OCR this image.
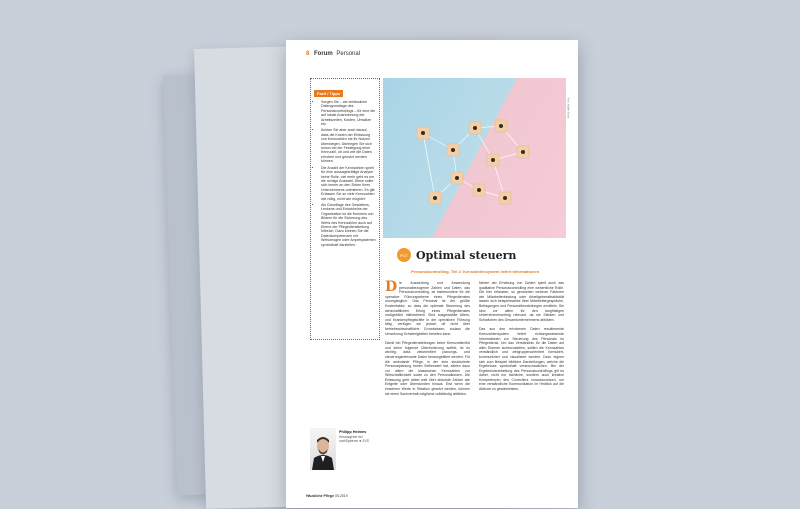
8 Forum Personal
Fazit / Tipps
• Sorgen Sie – als verlässliche Datengrundlage des Personalcontrollings – für eine die auf lokale Ausrechnung der Arbeitszeiten, Kosten, Umsätze etc.
• Achten Sie aber auch darauf, dass die Kosten der Erfassung von Kennzahlen nie ihr Nutzen überwiegen. Überlegen Sie sich schon bei der Festlegung einer Kennzahl, ob und wie die Daten erhoben und genutzt werden können.
• Die Anzahl der Kennzahlen spielt für eine aussagekräftige Analyse keine Rolle, viel mehr geht es um die richtige Auswahl. Diese sollte sich immer an den Zielen Ihres Unternehmens orientieren. Es gilt: Erfassen Sie so viele Kennzahlen wie nötig, nicht wie möglich!
• Als Grundlage des Gestaltens, Lenkens und Entwickelns der Organisation ist die Kenntnis von Bildern für die Sicherung des Werts des Kennzahlen auch auf Ebene der Pflegedienstleitung hilfreich. Dazu können Sie die Datenkompetenzen mit Werkzeugen oder Ampelsystemen symbolhaft darstellen.
Foto: Adobe Stock
PCT Optimal steuern
Personalcontrolling, Teil 2: Kennzahlensystem liefert Informationen

Die Auswertung und Anwendung personalbezogener Zahlen und Daten, das Personalcontrolling, ist insbesondere für die operative Führungsebene eines Pflegedienstes unumgänglich. Das Personal ist der größte Kostenfaktor, so dass die optimale Steuerung des wirtschaftlichen Erfolg eines Pflegedienstes maßgeblich mitbestimmt. Sind ausgewählte Alters- und Krankenpflegekräfte in der operativen Führung tätig, verfügen sie jedoch oft nicht über betriebswirtschaftliche Grundwissen, sodass die Umsetzung Schwierigkeiten bereiten kann.

Damit bei Pflegedienstleitungen keine Kennzahlenflut und keine folgende Überforderung auftritt, ist es wichtig, dass zielorientiert planungs- und steuerungsrelevante Daten herausgefiltert werden. Für die ambulante Pflege, in der eine strukturierte Personalplanung hohen Stellenwert hat, zählen dazu vor allem die klassischen Kennzahlen zur Wirtschaftlichkeit sowie zu den Personalkosten. Die Erfassung geht dabei weit über absolute Zahlen wie Entgelte oder Überstunden hinaus. Erst wenn die einzelnen Werte in Relation gesetzt werden, können sie einen Sachverhalt möglichst vollständig abbilden.

Neben der Erhebung von Zahlen spielt auch das qualitative Personalcontrolling eine wesentliche Rolle. Die hier erfassten, so genannten weichen Faktoren wie Mitarbeiterbindung oder Arbeitgeberattraktivität lassen sich beispielsweise über Mitarbeitergespräche, Befragungen und Personalbeurteilungen ermitteln. Sie sind vor allem für den langfristigen Unternehmenserfolg relevant, da sie Stärken und Schwächen des Gesamtunternehmens abbilden.

Das aus den erhobenen Daten resultierende Kennzahlensystem liefert richtungsweisende Informationen zur Steuerung des Personals im Pflegedienst. Um das Verständnis für die Daten auf allen Ebenen sicherzustellen, sollten die Kennzahlen verständlich und zielgruppenorientiert formuliert, kommuniziert und visualisiert werden. Dazu eignen sich zum Beispiel bildliche Darstellungen, welche die Ergebnisse symbolhaft veranschaulichen. Bei der Ergebnisverarbeitung des Personalcontrollings gilt es daher, nicht nur fachliche, sondern auch kreative Kompetenzen des Controllers vorauszusetzen, um eine verständliche Kommunikation im Hinblick auf die Akteure zu gewährleisten.

Philipp Heimes
Herausgeber bei contiSystems ❖ EXS
Häusliche Pflege 05.2019
